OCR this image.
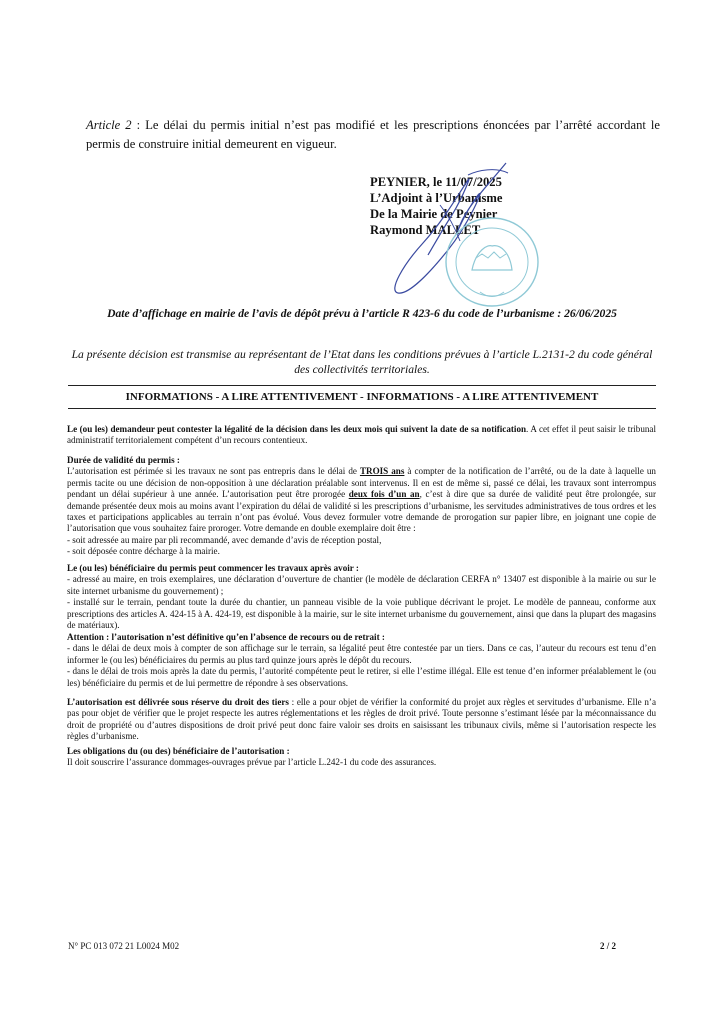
Article 2 : Le délai du permis initial n’est pas modifié et les prescriptions énoncées par l’arrêté accordant le permis de construire initial demeurent en vigueur.
PEYNIER, le 11/07/2025
L’Adjoint à l’Urbanisme
De la Mairie de Peynier
Raymond MALLET
Date d’affichage en mairie de l’avis de dépôt prévu à l’article R 423-6 du code de l’urbanisme : 26/06/2025
La présente décision est transmise au représentant de l’Etat dans les conditions prévues à l’article L.2131-2 du code général des collectivités territoriales.
INFORMATIONS - A LIRE ATTENTIVEMENT - INFORMATIONS - A LIRE ATTENTIVEMENT

Le (ou les) demandeur peut contester la légalité de la décision dans les deux mois qui suivent la date de sa notification. A cet effet il peut saisir le tribunal administratif territorialement compétent d’un recours contentieux.

Durée de validité du permis :

L’autorisation est périmée si les travaux ne sont pas entrepris dans le délai de TROIS ans à compter de la notification de l’arrêté, ou de la date à laquelle un permis tacite ou une décision de non-opposition à une déclaration préalable sont intervenus. Il en est de même si, passé ce délai, les travaux sont interrompus pendant un délai supérieur à une année. L’autorisation peut être prorogée deux fois d’un an, c’est à dire que sa durée de validité peut être prolongée, sur demande présentée deux mois au moins avant l’expiration du délai de validité si les prescriptions d’urbanisme, les servitudes administratives de tous ordres et les taxes et participations applicables au terrain n’ont pas évolué. Vous devez formuler votre demande de prorogation sur papier libre, en joignant une copie de l’autorisation que vous souhaitez faire proroger. Votre demande en double exemplaire doit être :

- soit adressée au maire par pli recommandé, avec demande d’avis de réception postal,

- soit déposée contre décharge à la mairie.

Le (ou les) bénéficiaire du permis peut commencer les travaux après avoir :

- adressé au maire, en trois exemplaires, une déclaration d’ouverture de chantier (le modèle de déclaration CERFA n° 13407 est disponible à la mairie ou sur le site internet urbanisme du gouvernement) ;

- installé sur le terrain, pendant toute la durée du chantier, un panneau visible de la voie publique décrivant le projet. Le modèle de panneau, conforme aux prescriptions des articles A. 424-15 à A. 424-19, est disponible à la mairie, sur le site internet urbanisme du gouvernement, ainsi que dans la plupart des magasins de matériaux).

Attention : l’autorisation n’est définitive qu’en l’absence de recours ou de retrait :

- dans le délai de deux mois à compter de son affichage sur le terrain, sa légalité peut être contestée par un tiers. Dans ce cas, l’auteur du recours est tenu d’en informer le (ou les) bénéficiaires du permis au plus tard quinze jours après le dépôt du recours.

- dans le délai de trois mois après la date du permis, l’autorité compétente peut le retirer, si elle l’estime illégal. Elle est tenue d’en informer préalablement le (ou les) bénéficiaire du permis et de lui permettre de répondre à ses observations.

L’autorisation est délivrée sous réserve du droit des tiers : elle a pour objet de vérifier la conformité du projet aux règles et servitudes d’urbanisme. Elle n’a pas pour objet de vérifier que le projet respecte les autres réglementations et les règles de droit privé. Toute personne s’estimant lésée par la méconnaissance du droit de propriété ou d’autres dispositions de droit privé peut donc faire valoir ses droits en saisissant les tribunaux civils, même si l’autorisation respecte les règles d’urbanisme.

Les obligations du (ou des) bénéficiaire de l’autorisation :

Il doit souscrire l’assurance dommages-ouvrages prévue par l’article L.242-1 du code des assurances.

N° PC 013 072 21 L0024 M02	2 / 2
